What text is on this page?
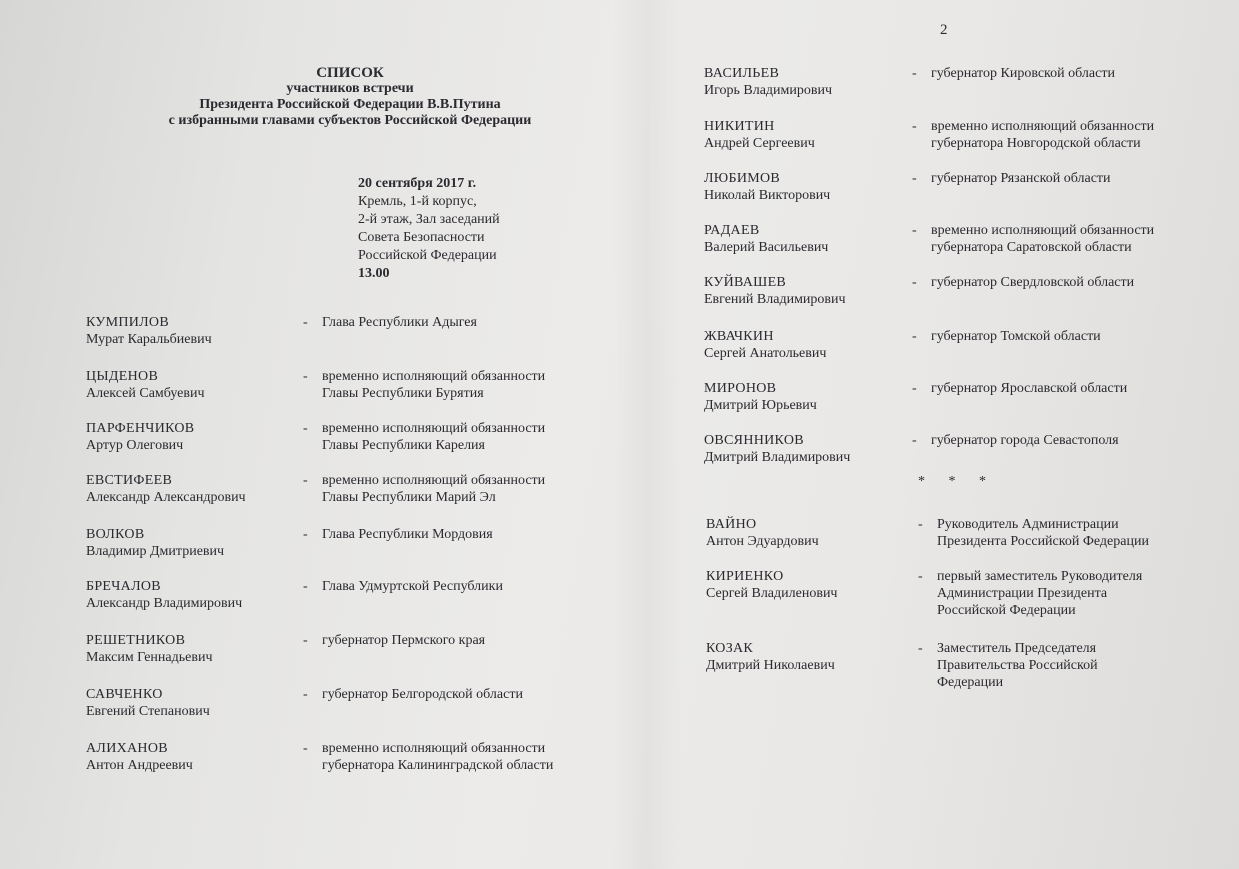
2
СПИСОК
участников встречи
Президента Российской Федерации В.В.Путина
с избранными главами субъектов Российской Федерации
20 сентября 2017 г.
Кремль, 1-й корпус,
2-й этаж, Зал заседаний
Совета Безопасности
Российской Федерации
13.00
КУМПИЛОВ
Мурат Каральбиевич
- Глава Республики Адыгея
ЦЫДЕНОВ
Алексей Самбуевич
- временно исполняющий обязанности
Главы Республики Бурятия
ПАРФЕНЧИКОВ
Артур Олегович
- временно исполняющий обязанности
Главы Республики Карелия
ЕВСТИФЕЕВ
Александр Александрович
- временно исполняющий обязанности
Главы Республики Марий Эл
ВОЛКОВ
Владимир Дмитриевич
- Глава Республики Мордовия
БРЕЧАЛОВ
Александр Владимирович
- Глава Удмуртской Республики
РЕШЕТНИКОВ
Максим Геннадьевич
- губернатор Пермского края
САВЧЕНКО
Евгений Степанович
- губернатор Белгородской области
АЛИХАНОВ
Антон Андреевич
- временно исполняющий обязанности
губернатора Калининградской области
ВАСИЛЬЕВ
Игорь Владимирович
- губернатор Кировской области
НИКИТИН
Андрей Сергеевич
- временно исполняющий обязанности
губернатора Новгородской области
ЛЮБИМОВ
Николай Викторович
- губернатор Рязанской области
РАДАЕВ
Валерий Васильевич
- временно исполняющий обязанности
губернатора Саратовской области
КУЙВАШЕВ
Евгений Владимирович
- губернатор Свердловской области
ЖВАЧКИН
Сергей Анатольевич
- губернатор Томской области
МИРОНОВ
Дмитрий Юрьевич
- губернатор Ярославской области
ОВСЯННИКОВ
Дмитрий Владимирович
- губернатор города Севастополя
ВАЙНО
Антон Эдуардович
- Руководитель Администрации
Президента Российской Федерации
КИРИЕНКО
Сергей Владиленович
- первый заместитель Руководителя
Администрации Президента
Российской Федерации
КОЗАК
Дмитрий Николаевич
- Заместитель Председателя
Правительства Российской
Федерации
* * *
